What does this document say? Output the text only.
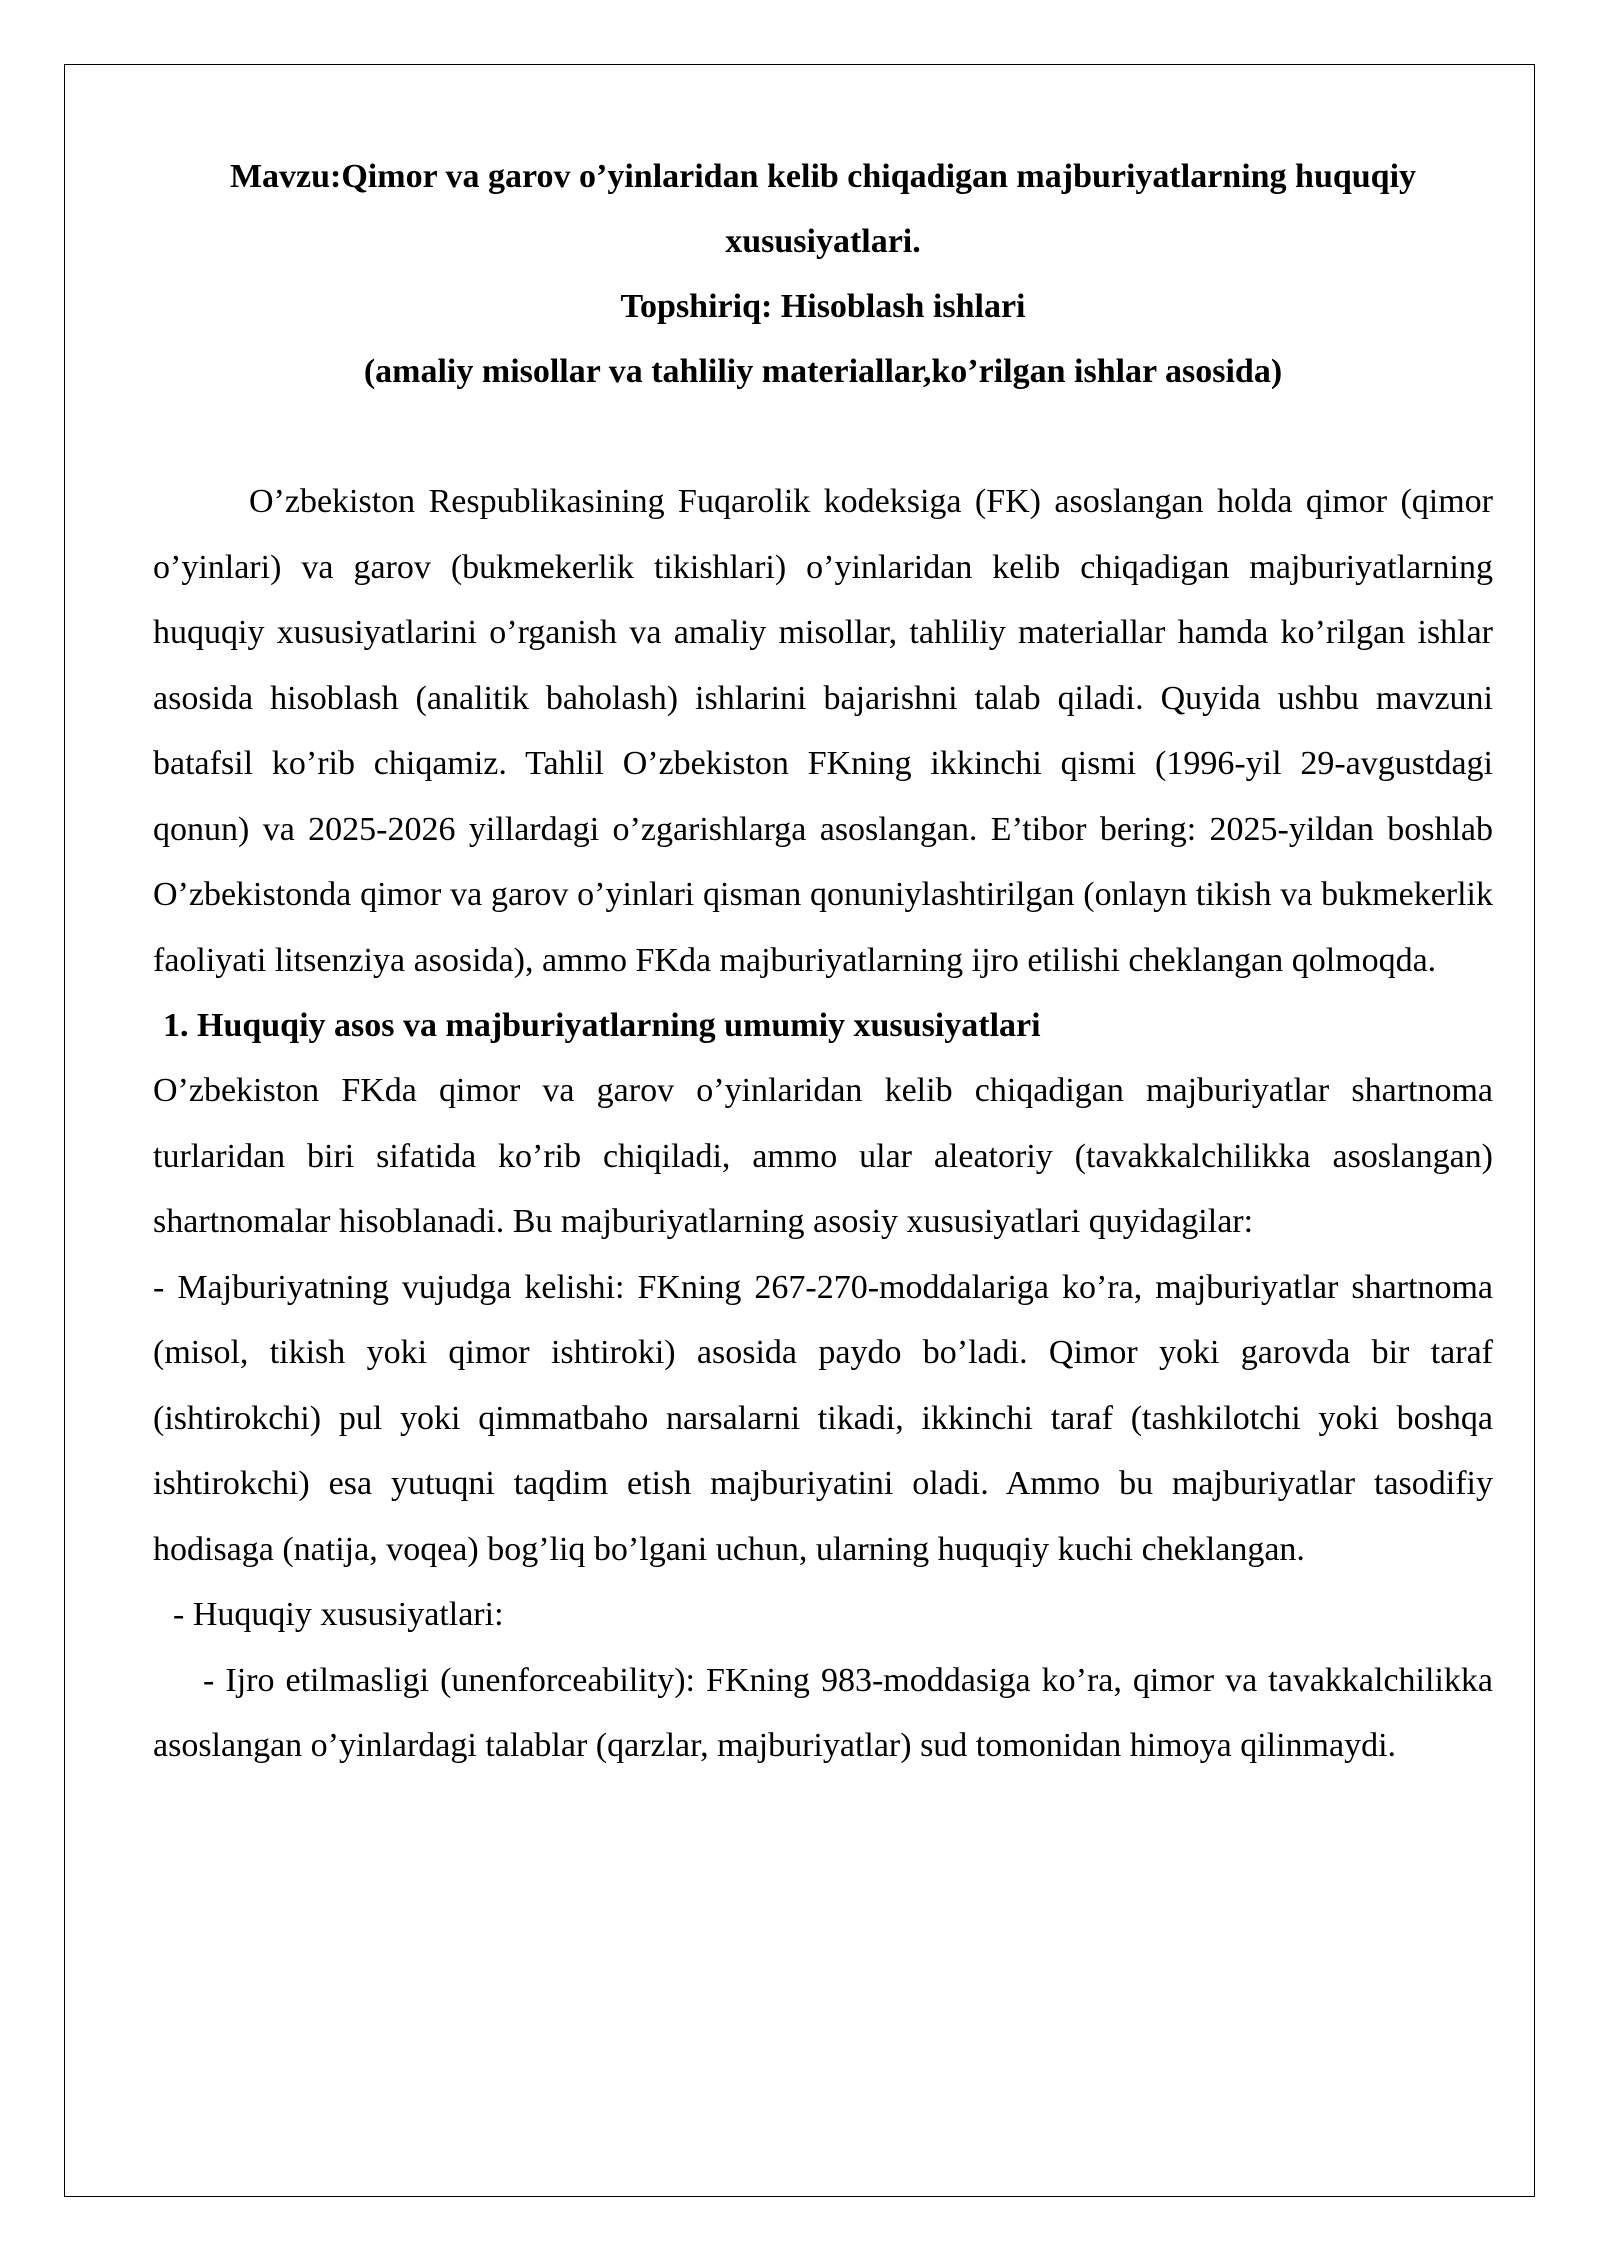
Mavzu:Qimor va garov o’yinlaridan kelib chiqadigan majburiyatlarning huquqiy
xususiyatlari.
Topshiriq: Hisoblash ishlari
(amaliy misollar va tahliliy materiallar,ko’rilgan ishlar asosida)

O’zbekiston Respublikasining Fuqarolik kodeksiga (FK) asoslangan holda qimor (qimor o’yinlari) va garov (bukmekerlik tikishlari) o’yinlaridan kelib chiqadigan majburiyatlarning huquqiy xususiyatlarini o’rganish va amaliy misollar, tahliliy materiallar hamda ko’rilgan ishlar asosida hisoblash (analitik baholash) ishlarini bajarishni talab qiladi. Quyida ushbu mavzuni batafsil ko’rib chiqamiz. Tahlil O’zbekiston FKning ikkinchi qismi (1996-yil 29-avgustdagi qonun) va 2025-2026 yillardagi o’zgarishlarga asoslangan. E’tibor bering: 2025-yildan boshlab O’zbekistonda qimor va garov o’yinlari qisman qonuniylashtirilgan (onlayn tikish va bukmekerlik faoliyati litsenziya asosida), ammo FKda majburiyatlarning ijro etilishi cheklangan qolmoqda.

1. Huquqiy asos va majburiyatlarning umumiy xususiyatlari

O’zbekiston FKda qimor va garov o’yinlaridan kelib chiqadigan majburiyatlar shartnoma turlaridan biri sifatida ko’rib chiqiladi, ammo ular aleatoriy (tavakkalchilikka asoslangan) shartnomalar hisoblanadi. Bu majburiyatlarning asosiy xususiyatlari quyidagilar:

- Majburiyatning vujudga kelishi: FKning 267-270-moddalariga ko’ra, majburiyatlar shartnoma (misol, tikish yoki qimor ishtiroki) asosida paydo bo’ladi. Qimor yoki garovda bir taraf (ishtirokchi) pul yoki qimmatbaho narsalarni tikadi, ikkinchi taraf (tashkilotchi yoki boshqa ishtirokchi) esa yutuqni taqdim etish majburiyatini oladi. Ammo bu majburiyatlar tasodifiy hodisaga (natija, voqea) bog’liq bo’lgani uchun, ularning huquqiy kuchi cheklangan.

- Huquqiy xususiyatlari:

- Ijro etilmasligi (unenforceability): FKning 983-moddasiga ko’ra, qimor va tavakkalchilikka asoslangan o’yinlardagi talablar (qarzlar, majburiyatlar) sud tomonidan himoya qilinmaydi.
